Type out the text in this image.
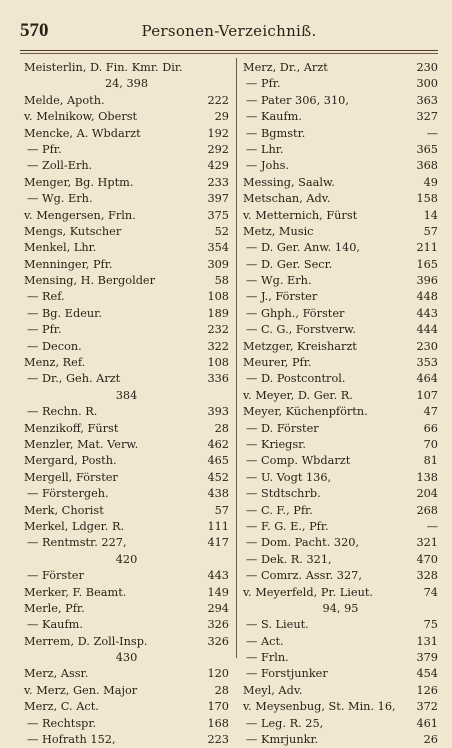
570	Personen-Verzeichniß.
Meisterlin, D. Fin. Kmr. Dir.
24, 398
Melde, Apoth.	222
v. Melnikow, Oberst	29
Mencke, A. Wbdarzt	192
— Pfr.	292
— Zoll-Erh.	429
Menger, Bg. Hptm.	233
— Wg. Erh.	397
v. Mengersen, Frln.	375
Mengs, Kutscher	52
Menkel, Lhr.	354
Menninger, Pfr.	309
Mensing, H. Bergolder	58
— Ref.	108
— Bg. Edeur.	189
— Pfr.	232
— Decon.	322
Menz, Ref.	108
— Dr., Geh. Arzt	336
384
— Rechn. R.	393
Menzikoff, Fürst	28
Menzler, Mat. Verw.	462
Mergard, Posth.	465
Mergell, Förster	452
— Förstergeh.	438
Merk, Chorist	57
Merkel, Ldger. R.	111
— Rentmstr. 227,	417
420
— Förster	443
Merker, F. Beamt.	149
Merle, Pfr.	294
— Kaufm.	326
Merrem, D. Zoll-Insp.	326
430
Merz, Assr.	120
v. Merz, Gen. Major	28
Merz, C. Act.	170
— Rechtspr.	168
— Hofrath 152,	223
Merz, Dr., Arzt	230
— Pfr.	300
— Pater 306, 310,	363
— Kaufm.	327
— Bgmstr.	—
— Lhr.	365
— Johs.	368
Messing, Saalw.	49
Metschan, Adv.	158
v. Metternich, Fürst	14
Metz, Music	57
— D. Ger. Anw. 140,	211
— D. Ger. Secr.	165
— Wg. Erh.	396
— J., Förster	448
— Ghph., Förster	443
— C. G., Forstverw.	444
Metzger, Kreisharzt	230
Meurer, Pfr.	353
— D. Postcontrol.	464
v. Meyer, D. Ger. R.	107
Meyer, Küchenpförtn.	47
— D. Förster	66
— Kriegsr.	70
— Comp. Wbdarzt	81
— U. Vogt 136,	138
— Stdtschrb.	204
— C. F., Pfr.	268
— F. G. E., Pfr.	—
— Dom. Pacht. 320,	321
— Dek. R. 321,	470
— Comrz. Assr. 327,	328
v. Meyerfeld, Pr. Lieut.	74
94, 95
— S. Lieut.	75
— Act.	131
— Frln.	379
— Forstjunker	454
Meyl, Adv.	126
v. Meysenbug, St. Min. 16, 372
— Leg. R. 25,	461
— Kmrjunkr.	26
